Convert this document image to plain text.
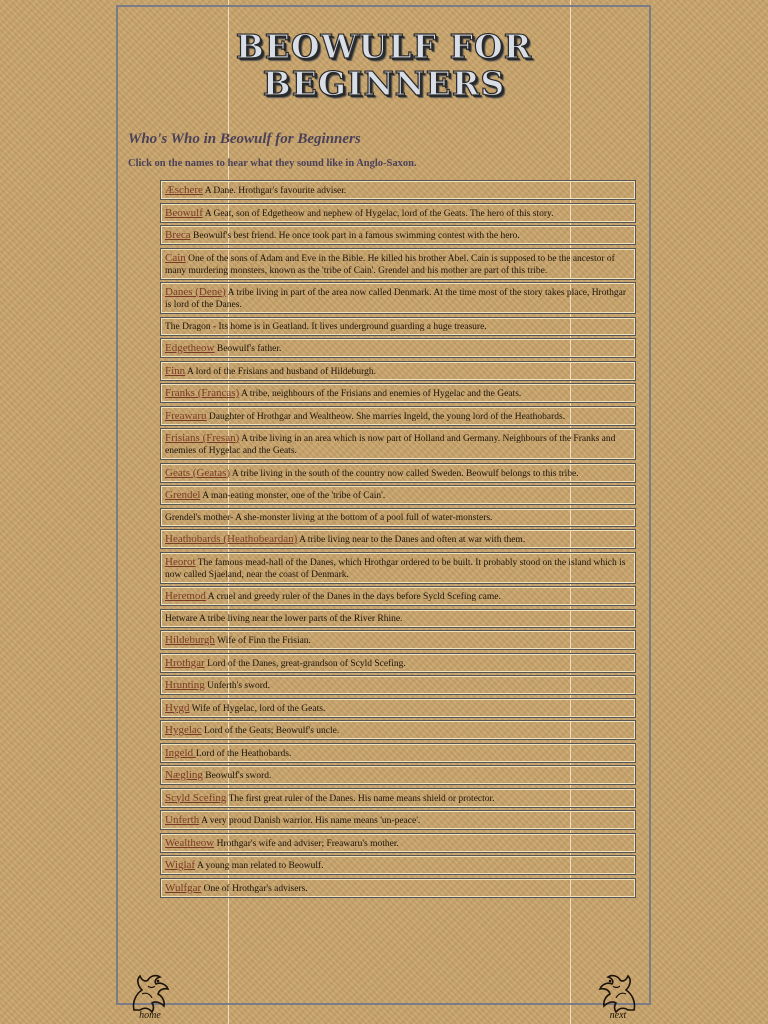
BEOWULF FOR
BEGINNERS
Who's Who in Beowulf for Beginners
Click on the names to hear what they sound like in Anglo-Saxon.
Æschere A Dane. Hrothgar's favourite adviser.
Beowulf A Geat, son of Edgetheow and nephew of Hygelac, lord of the Geats. The hero of this story.
Breca Beowulf's best friend. He once took part in a famous swimming contest with the hero.
Cain One of the sons of Adam and Eve in the Bible. He killed his brother Abel. Cain is supposed to be the ancestor of many murdering monsters, known as the 'tribe of Cain'. Grendel and his mother are part of this tribe.
Danes (Dene) A tribe living in part of the area now called Denmark. At the time most of the story takes place, Hrothgar is lord of the Danes.
The Dragon - Its home is in Geatland. It lives underground guarding a huge treasure.
Edgetheow Beowulf's father.
Finn A lord of the Frisians and husband of Hildeburgh.
Franks (Francas) A tribe, neighbours of the Frisians and enemies of Hygelac and the Geats.
Freawaru Daughter of Hrothgar and Wealtheow. She marries Ingeld, the young lord of the Heathobards.
Frisians (Fresan) A tribe living in an area which is now part of Holland and Germany. Neighbours of the Franks and enemies of Hygelac and the Geats.
Geats (Geatas) A tribe living in the south of the country now called Sweden. Beowulf belongs to this tribe.
Grendel A man-eating monster, one of the 'tribe of Cain'.
Grendel's mother- A she-monster living at the bottom of a pool full of water-monsters.
Heathobards (Heathobeardan) A tribe living near to the Danes and often at war with them.
Heorot The famous mead-hall of the Danes, which Hrothgar ordered to be built. It probably stood on the island which is now called Sjaeland, near the coast of Denmark.
Heremod A cruel and greedy ruler of the Danes in the days before Sycld Scefing came.
Hetware A tribe living near the lower parts of the River Rhine.
Hildeburgh Wife of Finn the Frisian.
Hrothgar Lord of the Danes, great-grandson of Scyld Scefing.
Hrunting Unferth's sword.
Hygd Wife of Hygelac, lord of the Geats.
Hygelac Lord of the Geats; Beowulf's uncle.
Ingeld Lord of the Heathobards.
Nægling Beowulf's sword.
Scyld Scefing The first great ruler of the Danes. His name means shield or protector.
Unferth A very proud Danish warrior. His name means 'un-peace'.
Wealtheow Hrothgar's wife and adviser; Freawaru's mother.
Wiglaf A young man related to Beowulf.
Wulfgar One of Hrothgar's advisers.
home	next
